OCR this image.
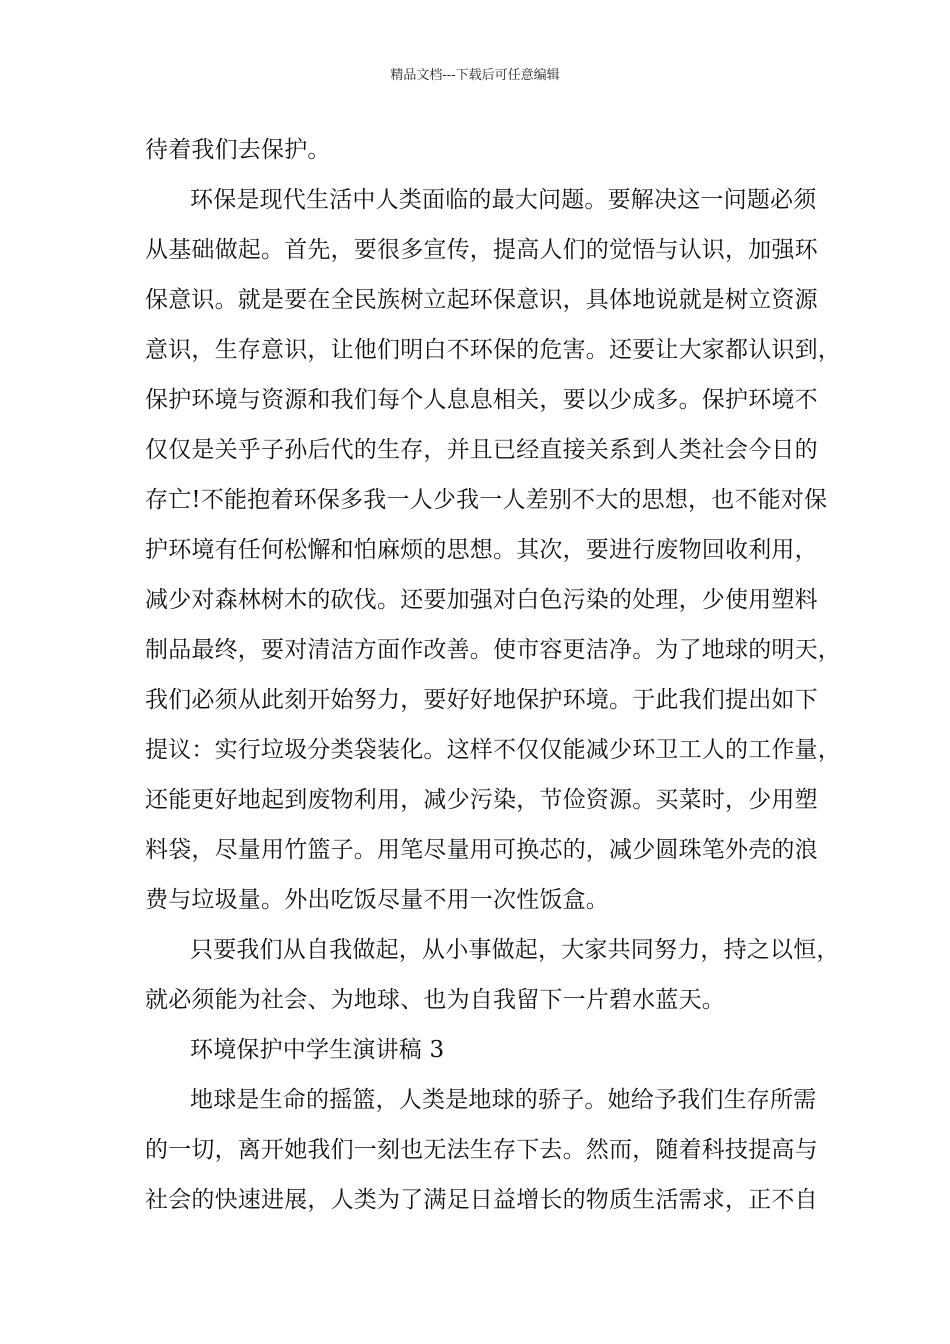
精品文档---下载后可任意编辑
待着我们去保护。
环保是现代生活中人类面临的最大问题。要解决这一问题必须
从基础做起。首先，要很多宣传，提高人们的觉悟与认识，加强环
保意识。就是要在全民族树立起环保意识，具体地说就是树立资源
意识，生存意识，让他们明白不环保的危害。还要让大家都认识到，
保护环境与资源和我们每个人息息相关，要以少成多。保护环境不
仅仅是关乎子孙后代的生存，并且已经直接关系到人类社会今日的
存亡!不能抱着环保多我一人少我一人差别不大的思想，也不能对保
护环境有任何松懈和怕麻烦的思想。其次，要进行废物回收利用，
减少对森林树木的砍伐。还要加强对白色污染的处理，少使用塑料
制品最终，要对清洁方面作改善。使市容更洁净。为了地球的明天，
我们必须从此刻开始努力，要好好地保护环境。于此我们提出如下
提议：实行垃圾分类袋装化。这样不仅仅能减少环卫工人的工作量，
还能更好地起到废物利用，减少污染，节俭资源。买菜时，少用塑
料袋，尽量用竹篮子。用笔尽量用可换芯的，减少圆珠笔外壳的浪
费与垃圾量。外出吃饭尽量不用一次性饭盒。
只要我们从自我做起，从小事做起，大家共同努力，持之以恒，
就必须能为社会、为地球、也为自我留下一片碧水蓝天。
环境保护中学生演讲稿 3
地球是生命的摇篮，人类是地球的骄子。她给予我们生存所需
的一切，离开她我们一刻也无法生存下去。然而，随着科技提高与
社会的快速进展，人类为了满足日益增长的物质生活需求，正不自
